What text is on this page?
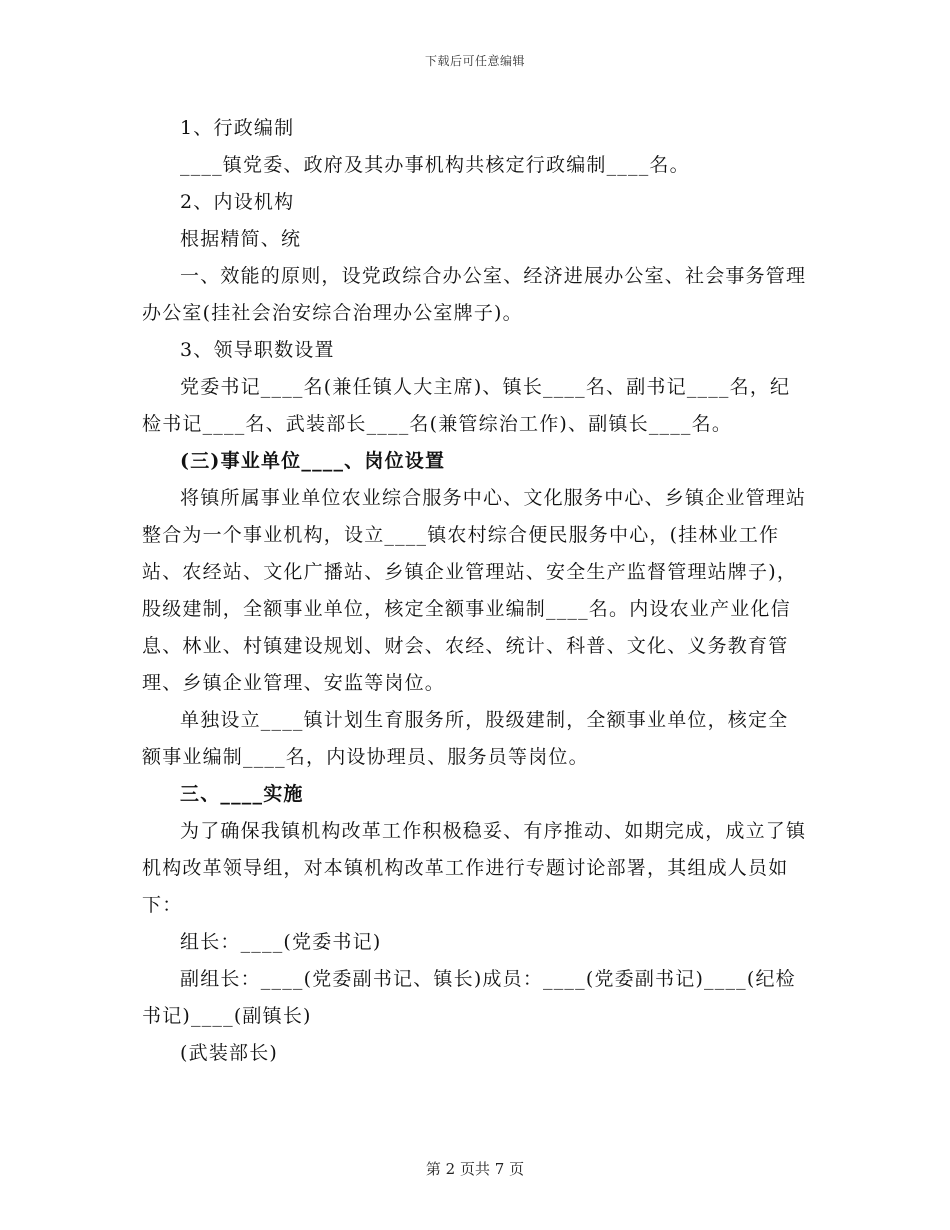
下载后可任意编辑

1、行政编制

____镇党委、政府及其办事机构共核定行政编制____名。

2、内设机构

根据精简、统

一、效能的原则，设党政综合办公室、经济进展办公室、社会事务管理办公室(挂社会治安综合治理办公室牌子)。

3、领导职数设置

党委书记____名(兼任镇人大主席)、镇长____名、副书记____名，纪检书记____名、武装部长____名(兼管综治工作)、副镇长____名。

(三)事业单位____、岗位设置

将镇所属事业单位农业综合服务中心、文化服务中心、乡镇企业管理站整合为一个事业机构，设立____镇农村综合便民服务中心，(挂林业工作站、农经站、文化广播站、乡镇企业管理站、安全生产监督管理站牌子)，股级建制，全额事业单位，核定全额事业编制____名。内设农业产业化信息、林业、村镇建设规划、财会、农经、统计、科普、文化、义务教育管理、乡镇企业管理、安监等岗位。

单独设立____镇计划生育服务所，股级建制，全额事业单位，核定全额事业编制____名，内设协理员、服务员等岗位。

三、____实施

为了确保我镇机构改革工作积极稳妥、有序推动、如期完成，成立了镇机构改革领导组，对本镇机构改革工作进行专题讨论部署，其组成人员如下：

组长：____(党委书记)

副组长：____(党委副书记、镇长)成员：____(党委副书记)____(纪检书记)____(副镇长)

(武装部长)

第 2 页共 7 页
